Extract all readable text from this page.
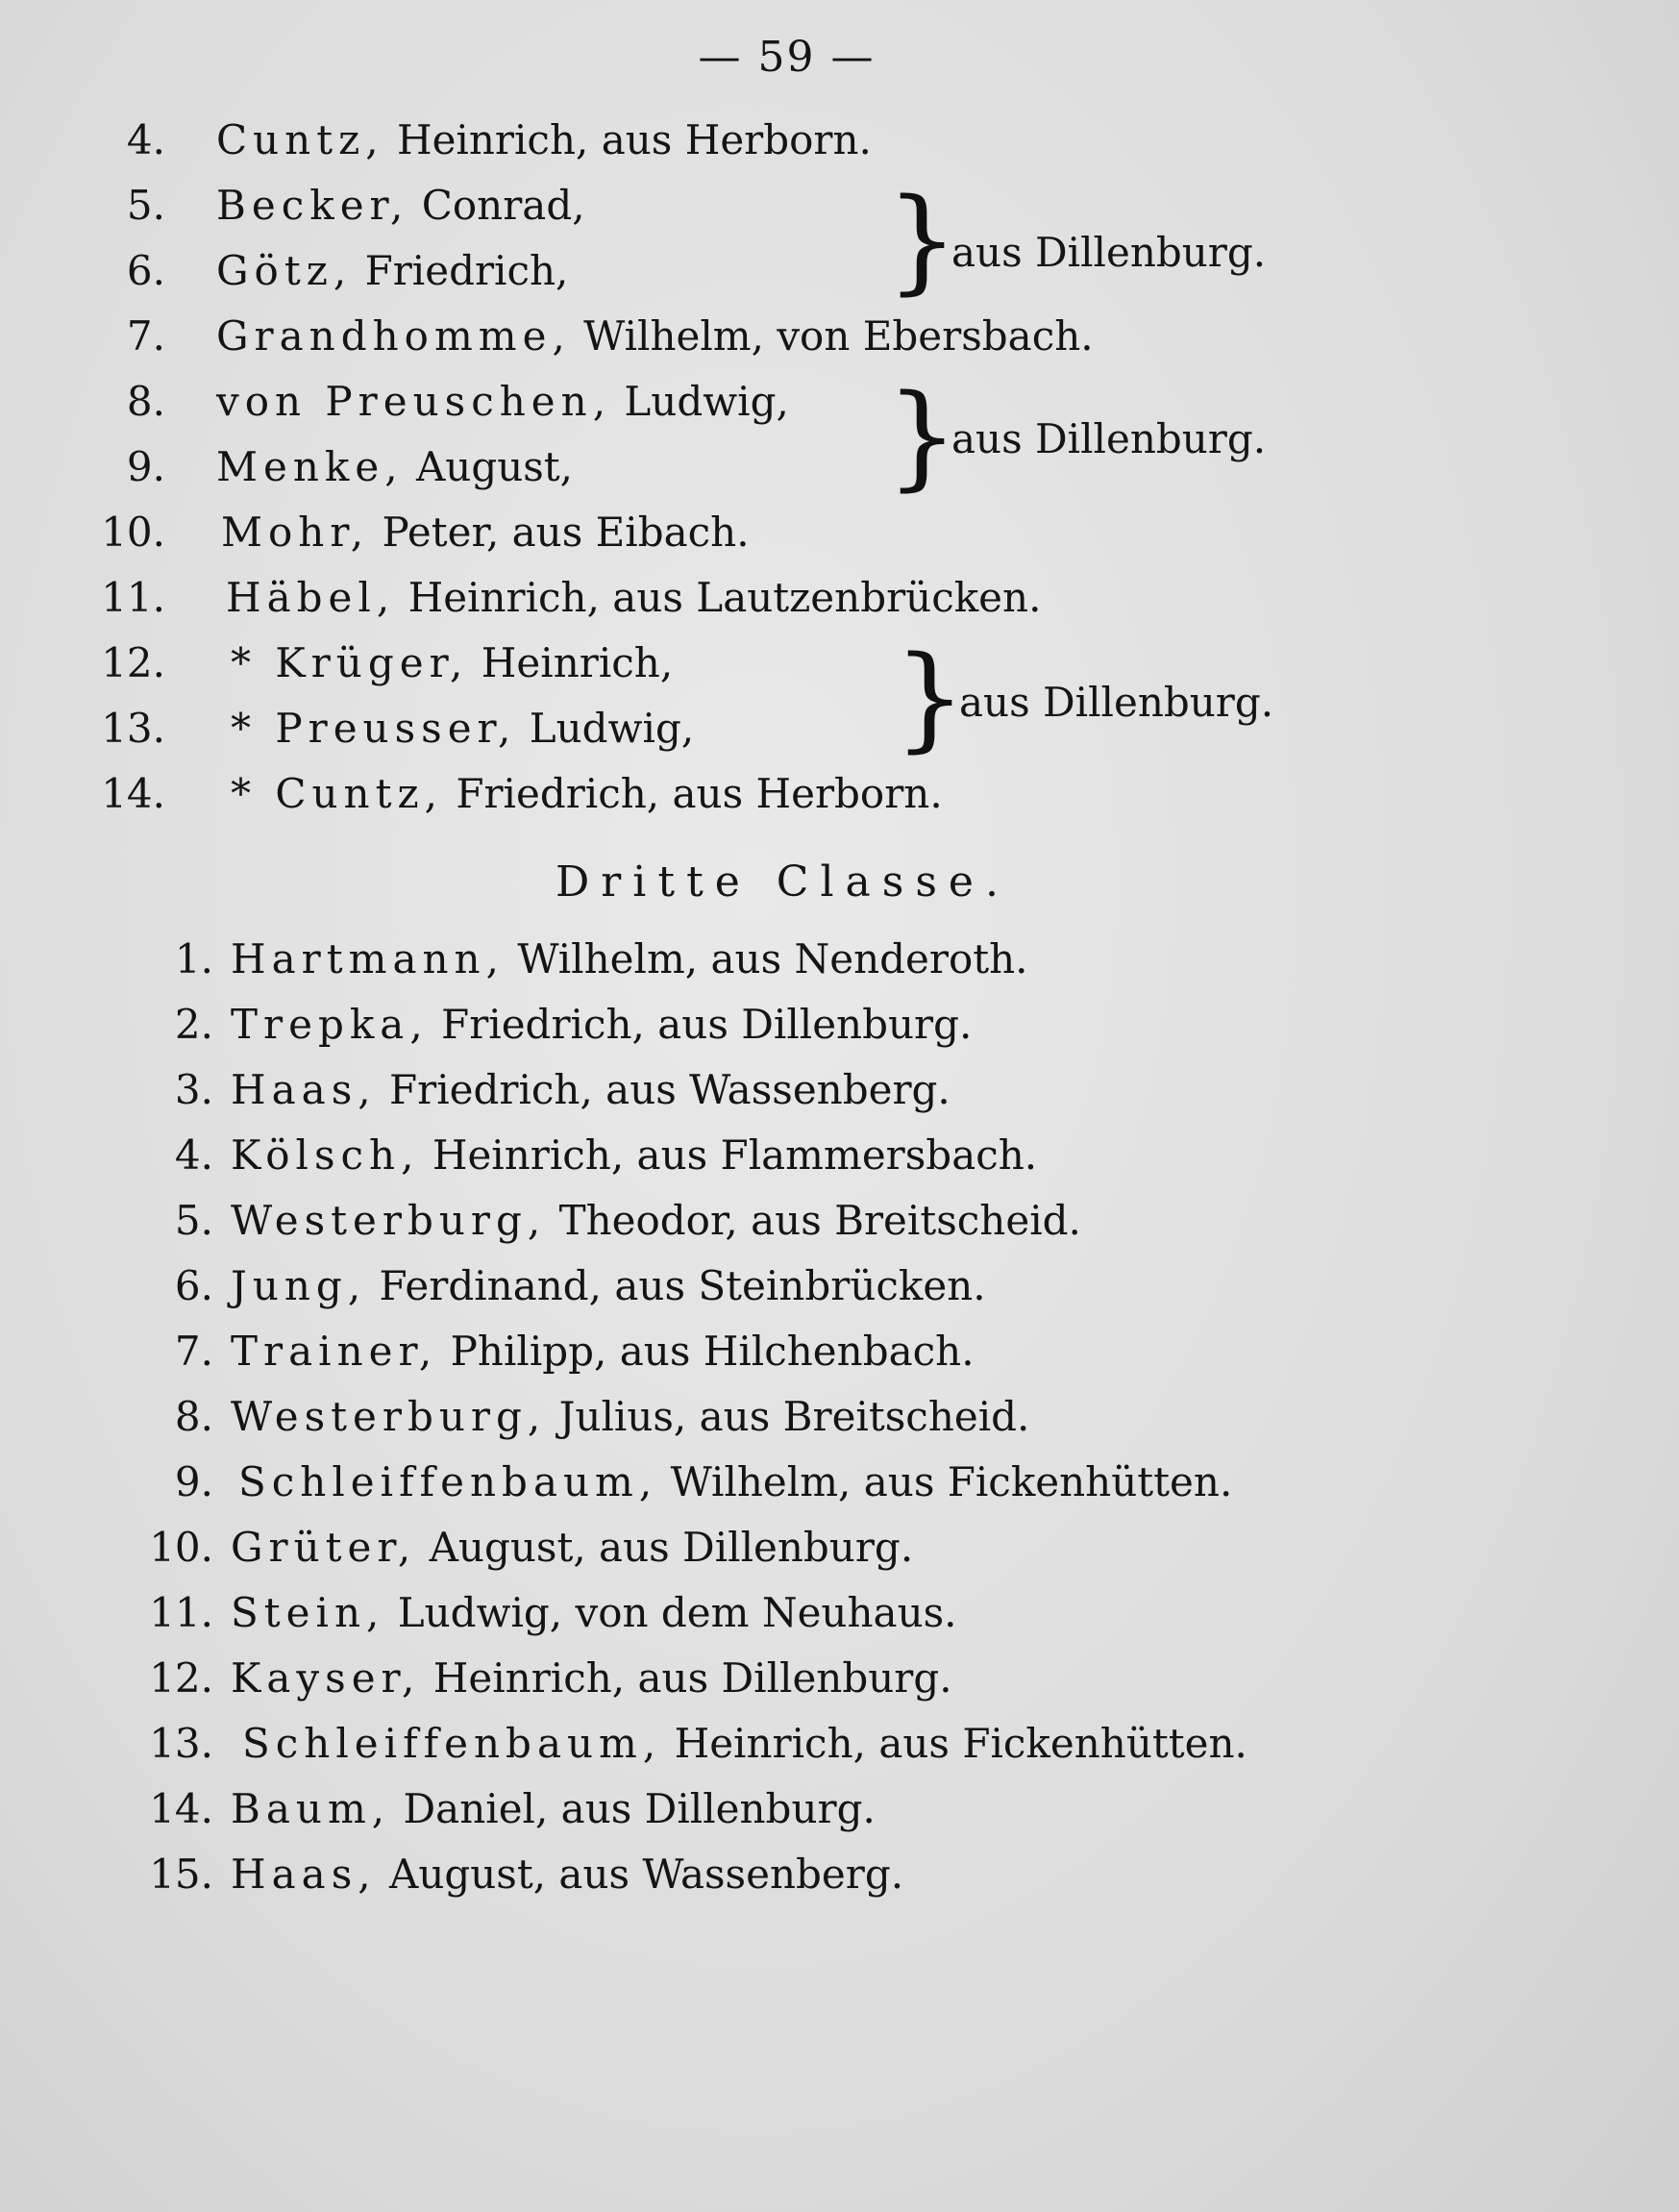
— 59 —
4. Cuntz, Heinrich, aus Herborn.
5. Becker, Conrad,
6. Götz, Friedrich,
7. Grandhomme, Wilhelm, von Ebersbach.
8. von Preuschen, Ludwig,
9. Menke, August,
10. Mohr, Peter, aus Eibach.
11. Häbel, Heinrich, aus Lautzenbrücken.
12. * Krüger, Heinrich,
13. * Preusser, Ludwig,
14. * Cuntz, Friedrich, aus Herborn.
}
aus Dillenburg.
}
aus Dillenburg.
}
aus Dillenburg.
Dritte Classe.
1. Hartmann, Wilhelm, aus Nenderoth.
2. Trepka, Friedrich, aus Dillenburg.
3. Haas, Friedrich, aus Wassenberg.
4. Kölsch, Heinrich, aus Flammersbach.
5. Westerburg, Theodor, aus Breitscheid.
6. Jung, Ferdinand, aus Steinbrücken.
7. Trainer, Philipp, aus Hilchenbach.
8. Westerburg, Julius, aus Breitscheid.
9. Schleiffenbaum, Wilhelm, aus Fickenhütten.
10. Grüter, August, aus Dillenburg.
11. Stein, Ludwig, von dem Neuhaus.
12. Kayser, Heinrich, aus Dillenburg.
13. Schleiffenbaum, Heinrich, aus Fickenhütten.
14. Baum, Daniel, aus Dillenburg.
15. Haas, August, aus Wassenberg.
